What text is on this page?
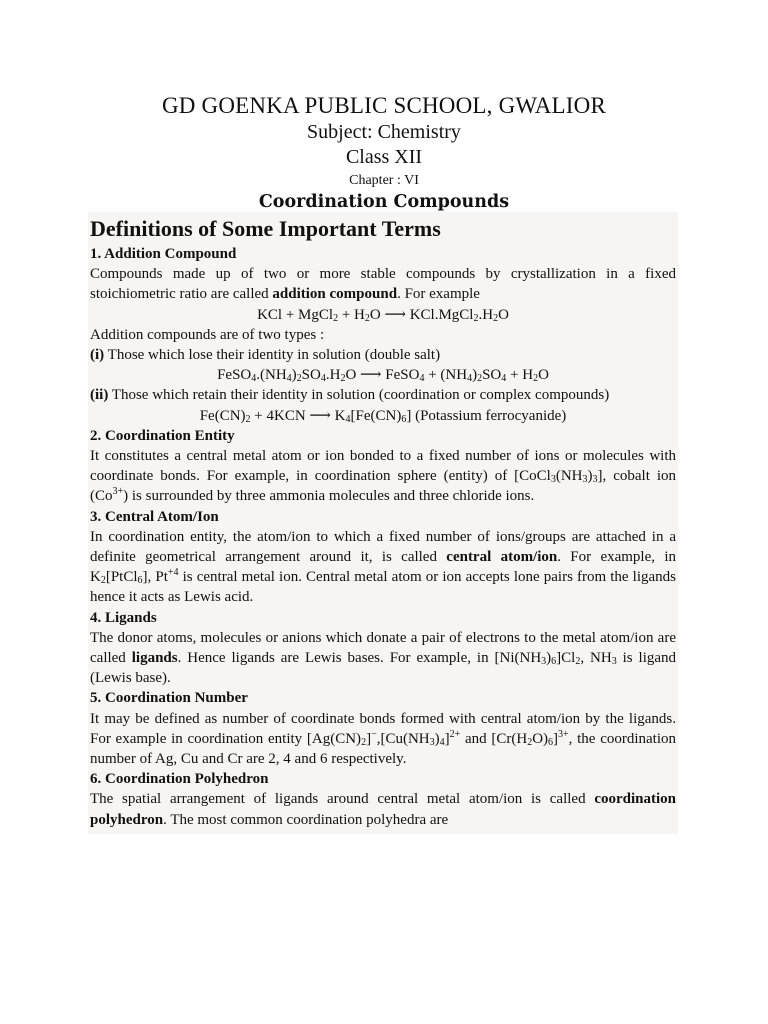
GD GOENKA PUBLIC SCHOOL, GWALIOR
Subject: Chemistry
Class XII
Chapter : VI
Coordination Compounds
Definitions of Some Important Terms
1. Addition Compound
Compounds made up of two or more stable compounds by crystallization in a fixed stoichiometric ratio are called addition compound. For example
KCl + MgCl$_2$ + $H_2O$ ⟶ $KCl.MgCl_2.H_2O$
Addition compounds are of two types :
(i) Those which lose their identity in solution (double salt)
$FeSO_4.(NH_4)_2SO_4.H_2O$ ⟶ FeSO$_4$ + $(NH_4)_2SO_4 + H_2O$
(ii) Those which retain their identity in solution (coordination or complex compounds)
$Fe(CN)_2 + 4KCN$ ⟶ $K_4[Fe(CN)_6]$ (Potassium ferrocyanide)
2. Coordination Entity
It constitutes a central metal atom or ion bonded to a fixed number of ions or molecules with coordinate bonds. For example, in coordination sphere (entity) of $[CoCl_3(NH_3)_3]$, cobalt ion $(Co^{3+})$ is surrounded by three ammonia molecules and three chloride ions.
3. Central Atom/Ion
In coordination entity, the atom/ion to which a fixed number of ions/groups are attached in a definite geometrical arrangement around it, is called central atom/ion. For example, in $K_2[PtCl_6]$, $Pt^{+4}$ is central metal ion. Central metal atom or ion accepts lone pairs from the ligands hence it acts as Lewis acid.
4. Ligands
The donor atoms, molecules or anions which donate a pair of electrons to the metal atom/ion are called ligands. Hence ligands are Lewis bases. For example, in $[Ni(NH_3)_6]Cl_2$, $NH_3$ is ligand (Lewis base).
5. Coordination Number
It may be defined as number of coordinate bonds formed with central atom/ion by the ligands. For example in coordination entity $[Ag(CN)_2]^-,[Cu(NH_3)_4]^{2+}$ and $[Cr(H_2O)_6]^{3+}$, the coordination number of Ag, Cu and Cr are 2, 4 and 6 respectively.
6. Coordination Polyhedron
The spatial arrangement of ligands around central metal atom/ion is called coordination polyhedron. The most common coordination polyhedra are
